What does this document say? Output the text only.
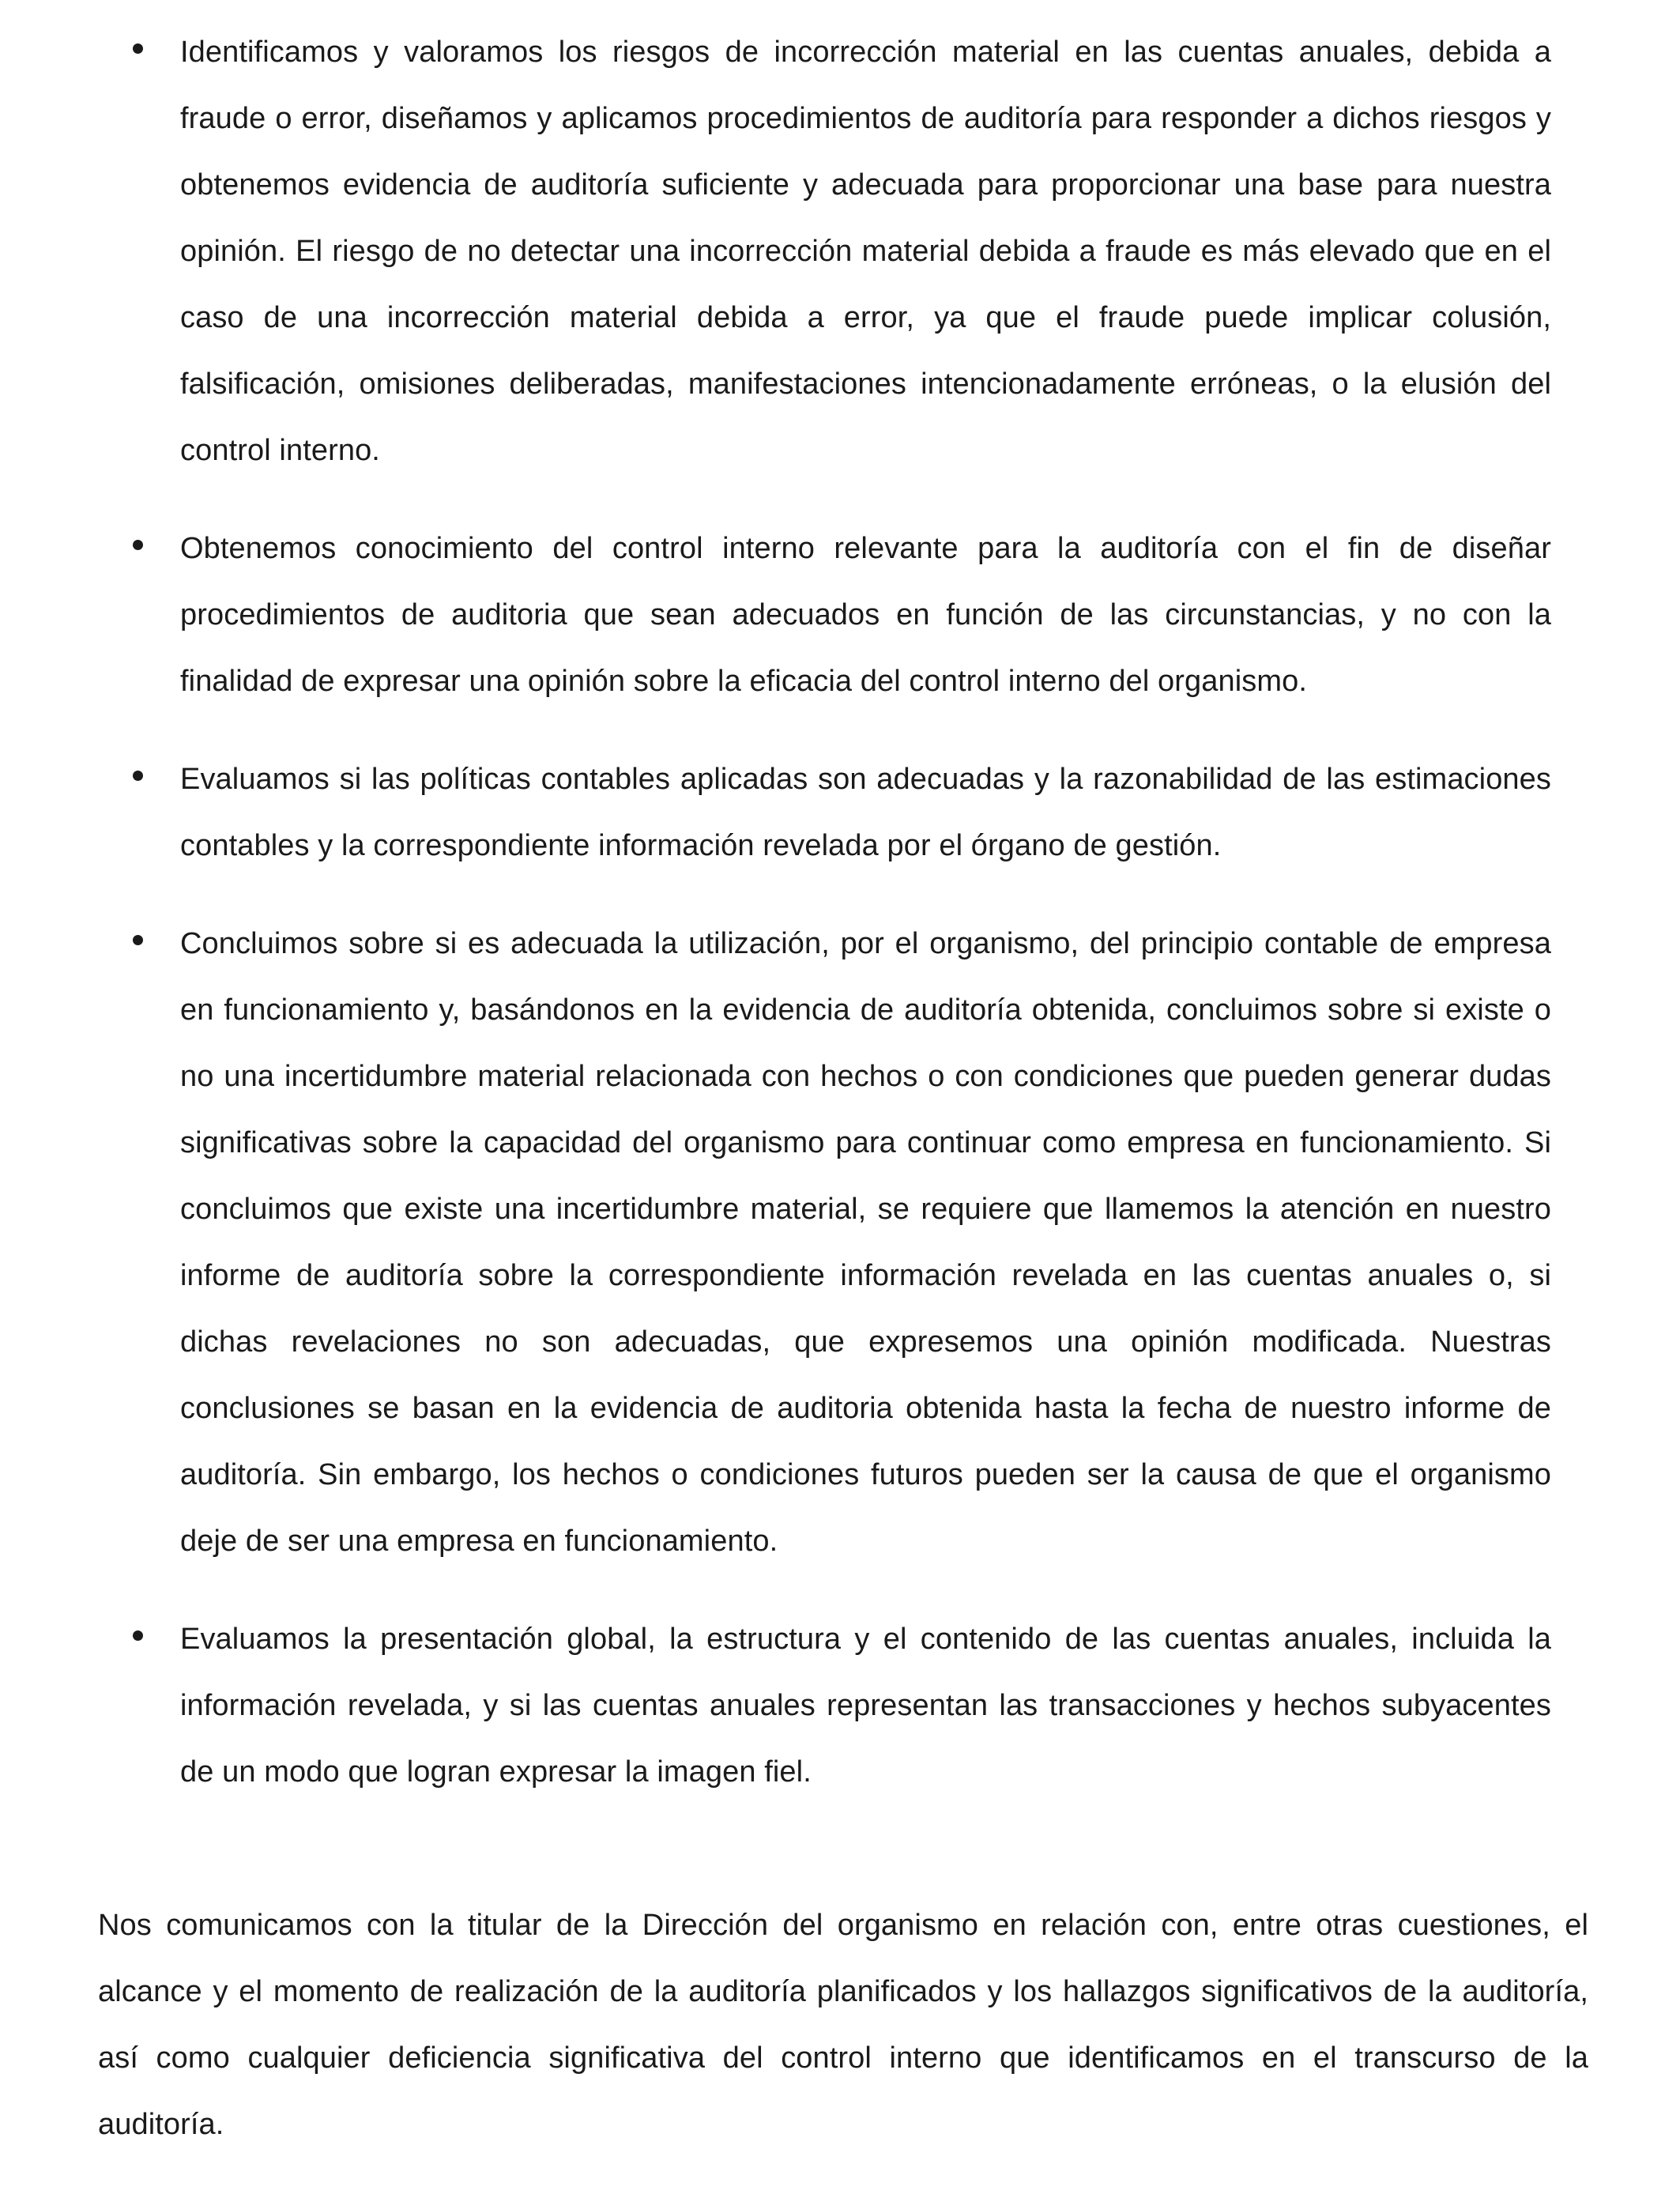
Identificamos y valoramos los riesgos de incorrección material en las cuentas anuales, debida a fraude o error, diseñamos y aplicamos procedimientos de auditoría para responder a dichos riesgos y obtenemos evidencia de auditoría suficiente y adecuada para proporcionar una base para nuestra opinión. El riesgo de no detectar una incorrección material debida a fraude es más elevado que en el caso de una incorrección material debida a error, ya que el fraude puede implicar colusión, falsificación, omisiones deliberadas, manifestaciones intencionadamente erróneas, o la elusión del control interno.

Obtenemos conocimiento del control interno relevante para la auditoría con el fin de diseñar procedimientos de auditoria que sean adecuados en función de las circunstancias, y no con la finalidad de expresar una opinión sobre la eficacia del control interno del organismo.

Evaluamos si las políticas contables aplicadas son adecuadas y la razonabilidad de las estimaciones contables y la correspondiente información revelada por el órgano de gestión.

Concluimos sobre si es adecuada la utilización, por el organismo, del principio contable de empresa en funcionamiento y, basándonos en la evidencia de auditoría obtenida, concluimos sobre si existe o no una incertidumbre material relacionada con hechos o con condiciones que pueden generar dudas significativas sobre la capacidad del organismo para continuar como empresa en funcionamiento. Si concluimos que existe una incertidumbre material, se requiere que llamemos la atención en nuestro informe de auditoría sobre la correspondiente información revelada en las cuentas anuales o, si dichas revelaciones no son adecuadas, que expresemos una opinión modificada. Nuestras conclusiones se basan en la evidencia de auditoria obtenida hasta la fecha de nuestro informe de auditoría. Sin embargo, los hechos o condiciones futuros pueden ser la causa de que el organismo deje de ser una empresa en funcionamiento.

Evaluamos la presentación global, la estructura y el contenido de las cuentas anuales, incluida la información revelada, y si las cuentas anuales representan las transacciones y hechos subyacentes de un modo que logran expresar la imagen fiel.

Nos comunicamos con la titular de la Dirección del organismo en relación con, entre otras cuestiones, el alcance y el momento de realización de la auditoría planificados y los hallazgos significativos de la auditoría, así como cualquier deficiencia significativa del control interno que identificamos en el transcurso de la auditoría.
